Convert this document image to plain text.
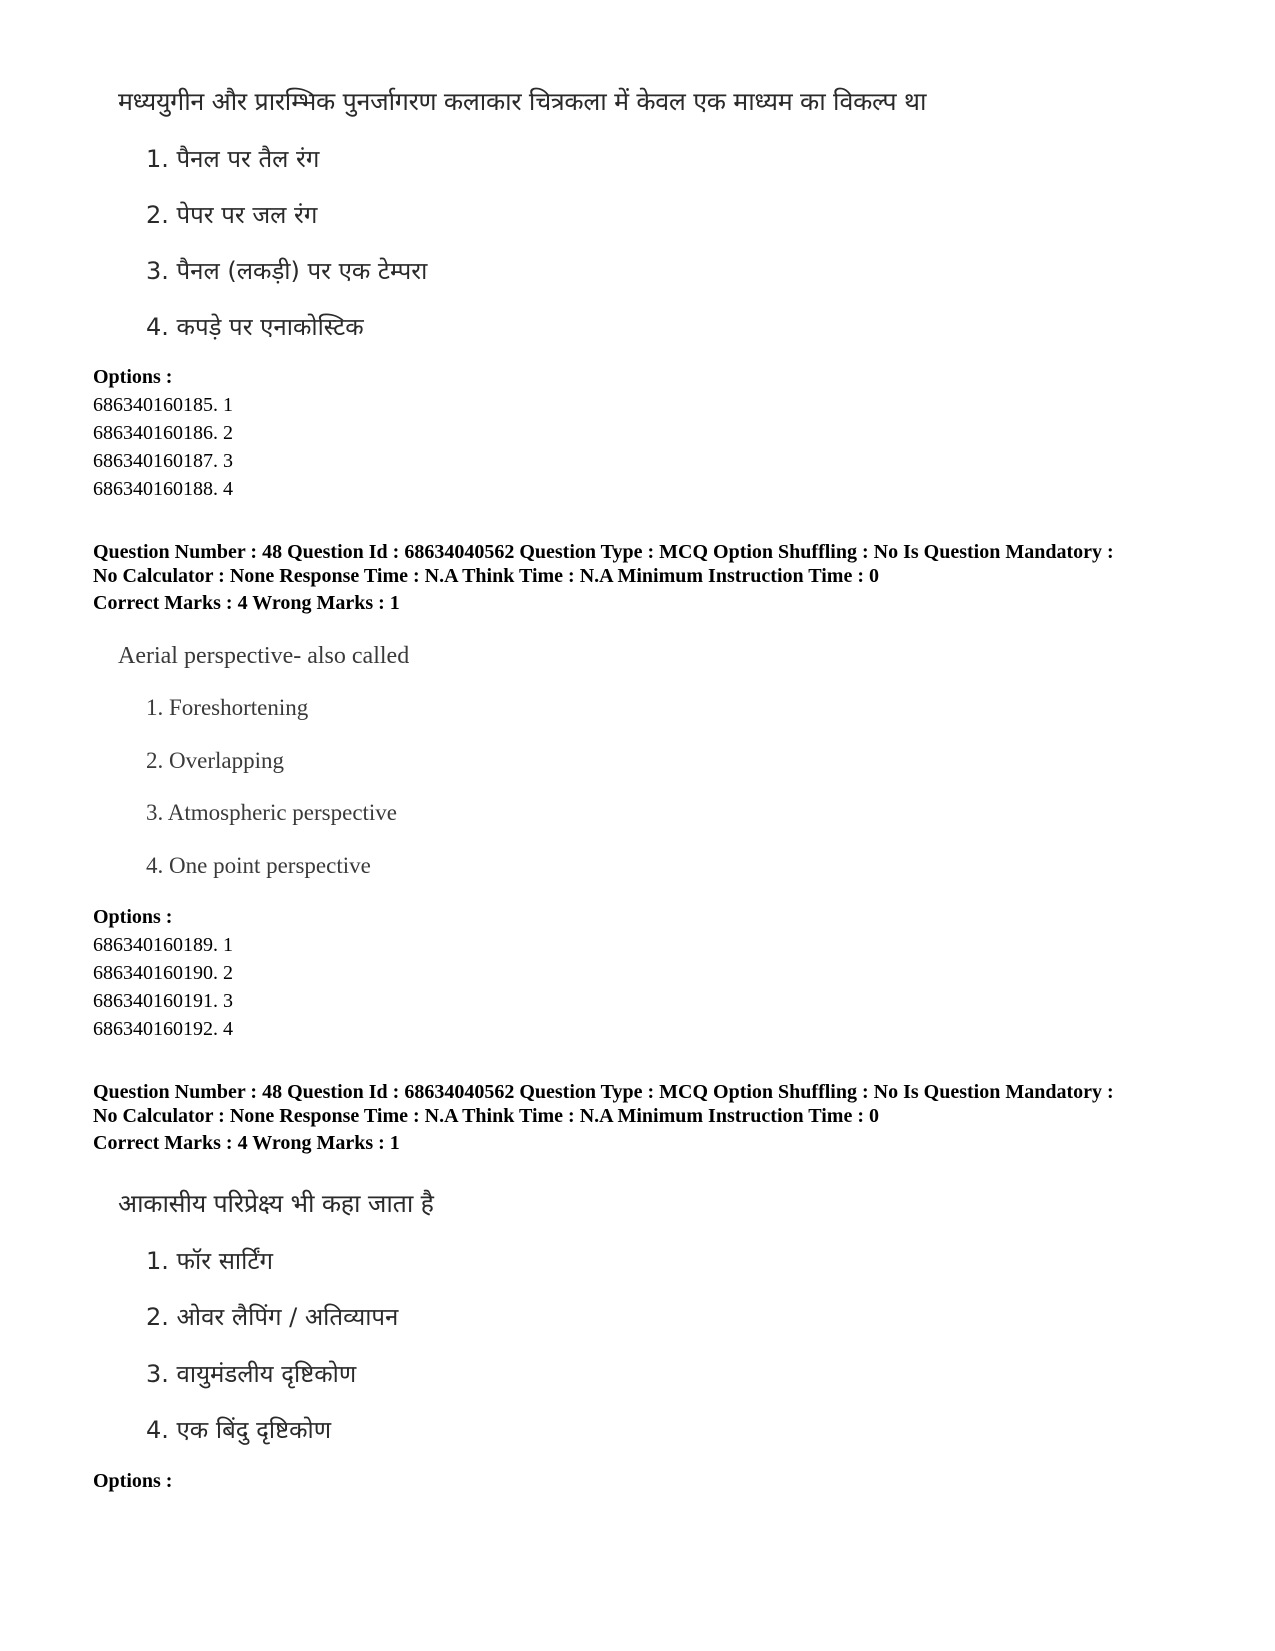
मध्ययुगीन और प्रारम्भिक पुनर्जागरण कलाकार चित्रकला में केवल एक माध्यम का विकल्प था
1. पैनल पर तैल रंग
2. पेपर पर जल रंग
3. पैनल (लकड़ी) पर एक टेम्परा
4. कपड़े पर एनाकोस्टिक
Options :
686340160185. 1
686340160186. 2
686340160187. 3
686340160188. 4
Question Number : 48 Question Id : 68634040562 Question Type : MCQ Option Shuffling : No Is Question Mandatory :
No Calculator : None Response Time : N.A Think Time : N.A Minimum Instruction Time : 0
Correct Marks : 4 Wrong Marks : 1
Aerial perspective- also called
1. Foreshortening
2. Overlapping
3. Atmospheric perspective
4. One point perspective
Options :
686340160189. 1
686340160190. 2
686340160191. 3
686340160192. 4
Question Number : 48 Question Id : 68634040562 Question Type : MCQ Option Shuffling : No Is Question Mandatory :
No Calculator : None Response Time : N.A Think Time : N.A Minimum Instruction Time : 0
Correct Marks : 4 Wrong Marks : 1
आकासीय परिप्रेक्ष्य भी कहा जाता है
1. फॉर सार्टिंग
2. ओवर लैपिंग / अतिव्यापन
3. वायुमंडलीय दृष्टिकोण
4. एक बिंदु दृष्टिकोण
Options :
